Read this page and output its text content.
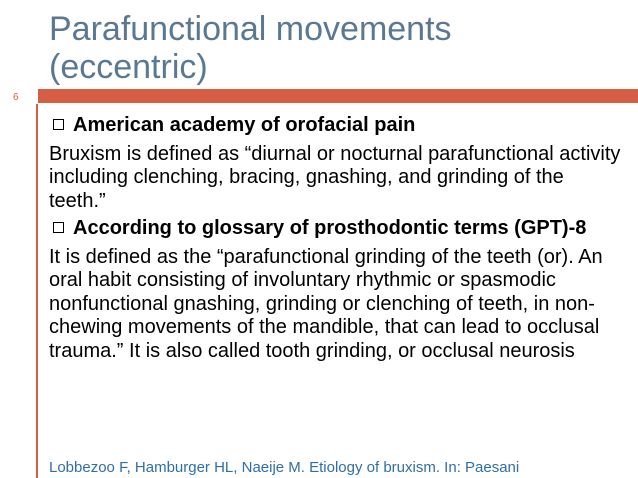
Parafunctional movements (eccentric)
6
American academy of orofacial pain

Bruxism is defined as “diurnal or nocturnal parafunctional activity including clenching, bracing, gnashing, and grinding of the teeth.”

According to glossary of prosthodontic terms (GPT)-8

It is defined as the “parafunctional grinding of the teeth (or). An oral habit consisting of involuntary rhythmic or spasmodic nonfunctional gnashing, grinding or clenching of teeth, in non-chewing movements of the mandible, that can lead to occlusal trauma.” It is also called tooth grinding, or occlusal neurosis

Lobbezoo F, Hamburger HL, Naeije M. Etiology of bruxism. In: Paesani
